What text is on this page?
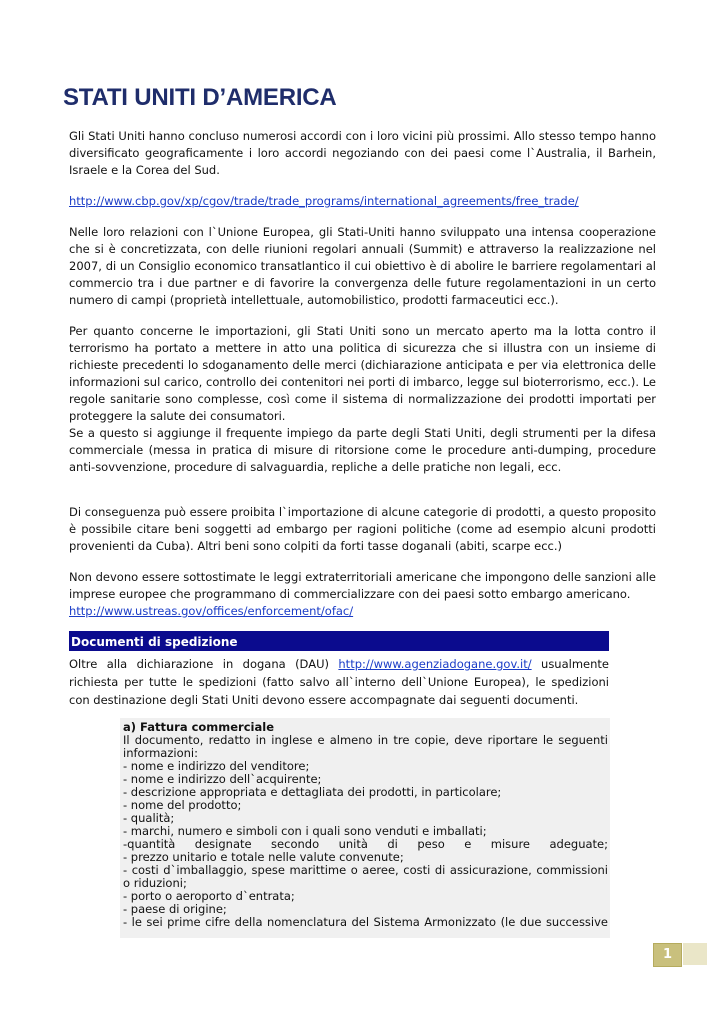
STATI UNITI D’AMERICA

Gli Stati Uniti hanno concluso numerosi accordi con i loro vicini più prossimi. Allo stesso tempo hanno diversificato geograficamente i loro accordi negoziando con dei paesi come l`Australia, il Barhein, Israele e la Corea del Sud.

http://www.cbp.gov/xp/cgov/trade/trade_programs/international_agreements/free_trade/

Nelle loro relazioni con l`Unione Europea, gli Stati-Uniti hanno sviluppato una intensa cooperazione che si è concretizzata, con delle riunioni regolari annuali (Summit) e attraverso la realizzazione nel 2007, di un Consiglio economico transatlantico il cui obiettivo è di abolire le barriere regolamentari al commercio tra i due partner e di favorire la convergenza delle future regolamentazioni in un certo numero di campi (proprietà intellettuale, automobilistico, prodotti farmaceutici ecc.).

Per quanto concerne le importazioni, gli Stati Uniti sono un mercato aperto ma la lotta contro il terrorismo ha portato a mettere in atto una politica di sicurezza che si illustra con un insieme di richieste precedenti lo sdoganamento delle merci (dichiarazione anticipata e per via elettronica delle informazioni sul carico, controllo dei contenitori nei porti di imbarco, legge sul bioterrorismo, ecc.). Le regole sanitarie sono complesse, così come il sistema di normalizzazione dei prodotti importati per proteggere la salute dei consumatori.

Se a questo si aggiunge il frequente impiego da parte degli Stati Uniti, degli strumenti per la difesa commerciale (messa in pratica di misure di ritorsione come le procedure anti-dumping, procedure anti-sovvenzione, procedure di salvaguardia, repliche a delle pratiche non legali, ecc.

Di conseguenza può essere proibita l`importazione di alcune categorie di prodotti, a questo proposito è possibile citare beni soggetti ad embargo per ragioni politiche (come ad esempio alcuni prodotti provenienti da Cuba). Altri beni sono colpiti da forti tasse doganali (abiti, scarpe ecc.)

Non devono essere sottostimate le leggi extraterritoriali americane che impongono delle sanzioni alle imprese europee che programmano di commercializzare con dei paesi sotto embargo americano.

http://www.ustreas.gov/offices/enforcement/ofac/

Documenti di spedizione
Oltre alla dichiarazione in dogana (DAU) http://www.agenziadogane.gov.it/ usualmente richiesta per tutte le spedizioni (fatto salvo all`interno dell`Unione Europea), le spedizioni con destinazione degli Stati Uniti devono essere accompagnate dai seguenti documenti.
a) Fattura commerciale
Il documento, redatto in inglese e almeno in tre copie, deve riportare le seguenti informazioni:
- nome e indirizzo del venditore;
- nome e indirizzo dell`acquirente;
- descrizione appropriata e dettagliata dei prodotti, in particolare;
- nome del prodotto;
- qualità;
- marchi, numero e simboli con i quali sono venduti e imballati;
-quantità designate secondo unità di peso e misure adeguate;
- prezzo unitario e totale nelle valute convenute;
- costi d`imballaggio, spese marittime o aeree, costi di assicurazione, commissioni o riduzioni;
- porto o aeroporto d`entrata;
- paese di origine;
- le sei prime cifre della nomenclatura del Sistema Armonizzato (le due successive
1
